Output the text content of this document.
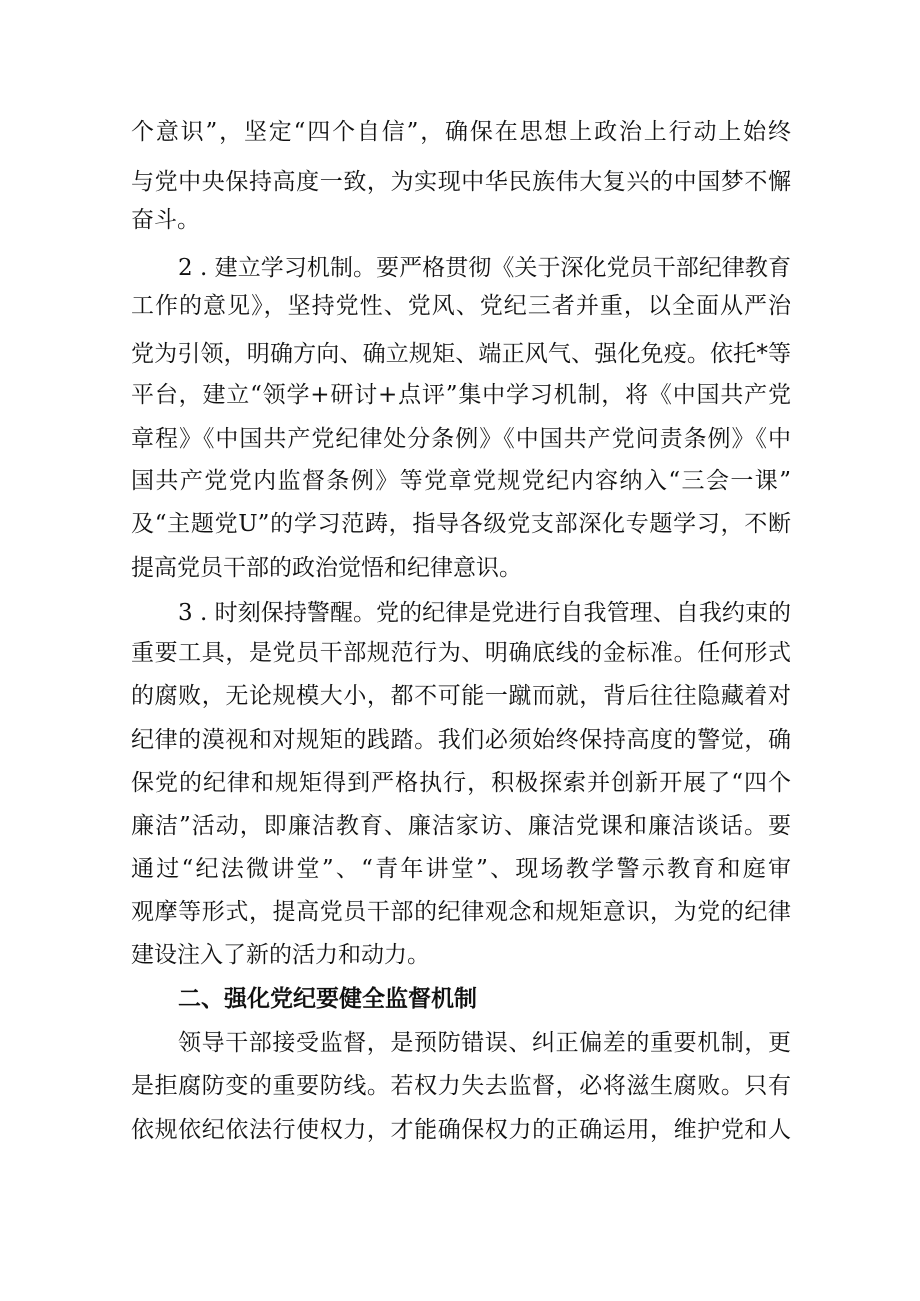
个意识”，坚定“四个自信”，确保在思想上政治上行动上始终
与党中央保持高度一致，为实现中华民族伟大复兴的中国梦不懈
奋斗。
2 . 建立学习机制。要严格贯彻《关于深化党员干部纪律教育
工作的意见》，坚持党性、党风、党纪三者并重，以全面从严治
党为引领，明确方向、确立规矩、端正风气、强化免疫。依托*等
平台，建立“领学+研讨+点评”集中学习机制，将《中国共产党
章程》《中国共产党纪律处分条例》《中国共产党问责条例》《中
国共产党党内监督条例》等党章党规党纪内容纳入“三会一课”
及“主题党U”的学习范踌，指导各级党支部深化专题学习，不断
提高党员干部的政治觉悟和纪律意识。
3 . 时刻保持警醒。党的纪律是党进行自我管理、自我约束的
重要工具，是党员干部规范行为、明确底线的金标准。任何形式
的腐败，无论规模大小，都不可能一蹴而就，背后往往隐藏着对
纪律的漠视和对规矩的践踏。我们必须始终保持高度的警觉，确
保党的纪律和规矩得到严格执行，积极探索并创新开展了“四个
廉洁”活动，即廉洁教育、廉洁家访、廉洁党课和廉洁谈话。要
通过“纪法微讲堂”、“青年讲堂”、现场教学警示教育和庭审
观摩等形式，提高党员干部的纪律观念和规矩意识，为党的纪律
建设注入了新的活力和动力。
二、强化党纪要健全监督机制
领导干部接受监督，是预防错误、纠正偏差的重要机制，更
是拒腐防变的重要防线。若权力失去监督，必将滋生腐败。只有
依规依纪依法行使权力，才能确保权力的正确运用，维护党和人
